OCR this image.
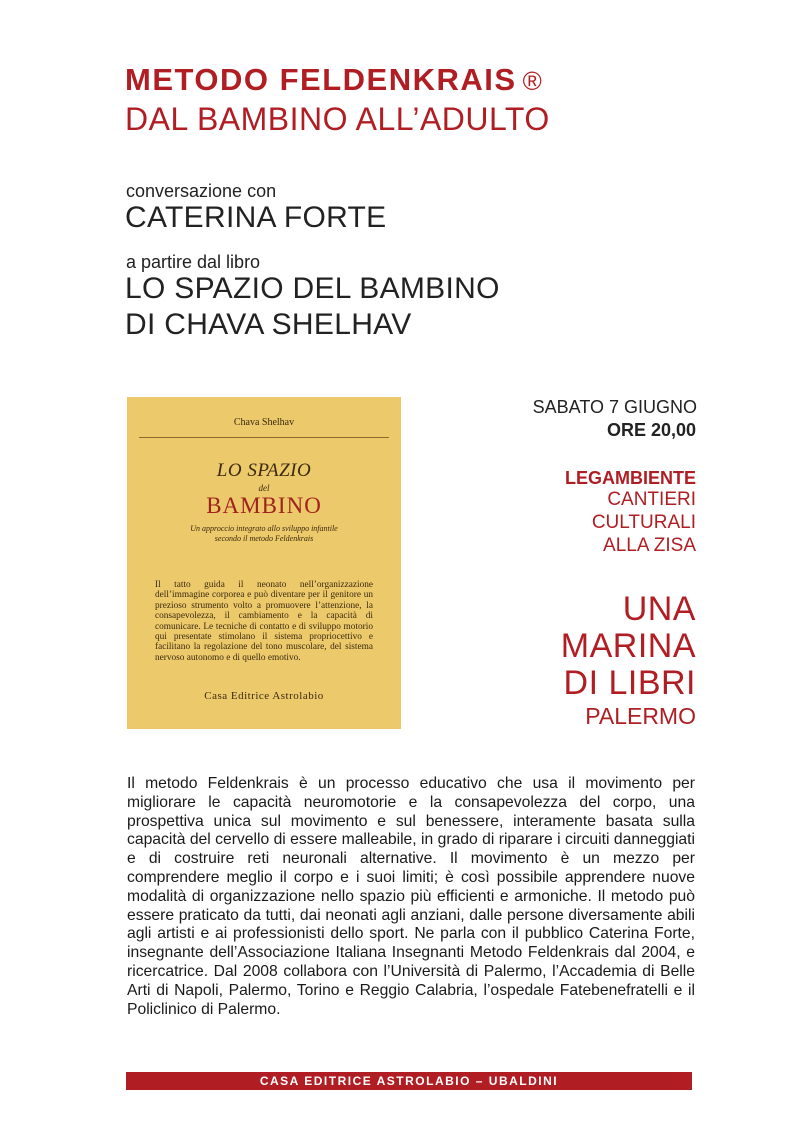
METODO FELDENKRAIS ®
DAL BAMBINO ALL’ADULTO
conversazione con
CATERINA FORTE
a partire dal libro
LO SPAZIO DEL BAMBINO
DI CHAVA SHELHAV
Chava Shelhav
LO SPAZIO
del
BAMBINO
Un approccio integrato allo sviluppo infantile secondo il metodo Feldenkrais
Il tatto guida il neonato nell’organizzazione dell’immagine corporea e può diventare per il genitore un prezioso strumento volto a promuovere l’attenzione, la consapevolezza, il cambiamento e la capacità di comunicare. Le tecniche di contatto e di sviluppo motorio qui presentate stimolano il sistema propriocettivo e facilitano la regolazione del tono muscolare, del sistema nervoso autonomo e di quello emotivo.
Casa Editrice Astrolabio
SABATO 7 GIUGNO
ORE 20,00
LEGAMBIENTE
CANTIERI
CULTURALI
ALLA ZISA
UNA
MARINA
DI LIBRI
PALERMO
Il metodo Feldenkrais è un processo educativo che usa il movimento per migliorare le capacità neuromotorie e la consapevolezza del corpo, una prospettiva unica sul movimento e sul benessere, interamente basata sulla capacità del cervello di essere malleabile, in grado di riparare i circuiti danneggiati e di costruire reti neuronali alternative. Il movimento è un mezzo per comprendere meglio il corpo e i suoi limiti; è così possibile apprendere nuove modalità di organizzazione nello spazio più efficienti e armoniche. Il metodo può essere praticato da tutti, dai neonati agli anziani, dalle persone diversamente abili agli artisti e ai professionisti dello sport. Ne parla con il pubblico Caterina Forte, insegnante dell’Associazione Italiana Insegnanti Metodo Feldenkrais dal 2004, e ricercatrice. Dal 2008 collabora con l’Università di Palermo, l’Accademia di Belle Arti di Napoli, Palermo, Torino e Reggio Calabria, l’ospedale Fatebenefratelli e il Policlinico di Palermo.
CASA EDITRICE ASTROLABIO – UBALDINI
